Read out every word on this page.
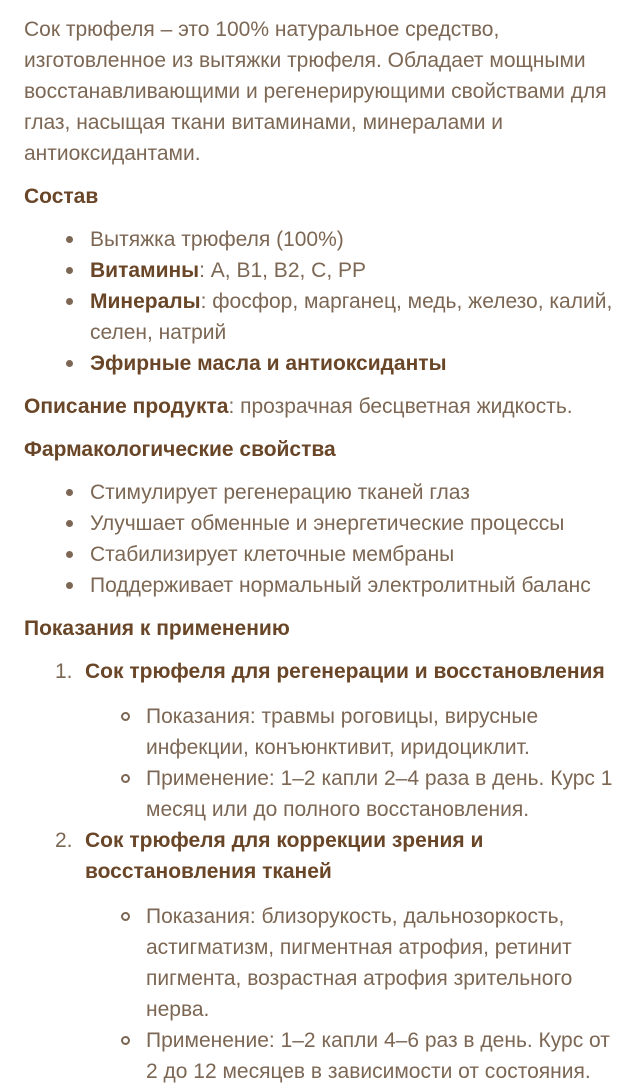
Сок трюфеля – это 100% натуральное средство, изготовленное из вытяжки трюфеля. Обладает мощными восстанавливающими и регенерирующими свойствами для глаз, насыщая ткани витаминами, минералами и антиоксидантами.

Состав
Вытяжка трюфеля (100%)
Витамины: A, B1, B2, C, PP
Минералы: фосфор, марганец, медь, железо, калий, селен, натрий
Эфирные масла и антиоксиданты

Описание продукта: прозрачная бесцветная жидкость.

Фармакологические свойства
Стимулирует регенерацию тканей глаз
Улучшает обменные и энергетические процессы
Стабилизирует клеточные мембраны
Поддерживает нормальный электролитный баланс
Показания к применению
1. Сок трюфеля для регенерации и восстановления
Показания: травмы роговицы, вирусные инфекции, конъюнктивит, иридоциклит.
Применение: 1–2 капли 2–4 раза в день. Курс 1 месяц или до полного восстановления.
2. Сок трюфеля для коррекции зрения и восстановления тканей
Показания: близорукость, дальнозоркость, астигматизм, пигментная атрофия, ретинит пигмента, возрастная атрофия зрительного нерва.
Применение: 1–2 капли 4–6 раз в день. Курс от 2 до 12 месяцев в зависимости от состояния.
